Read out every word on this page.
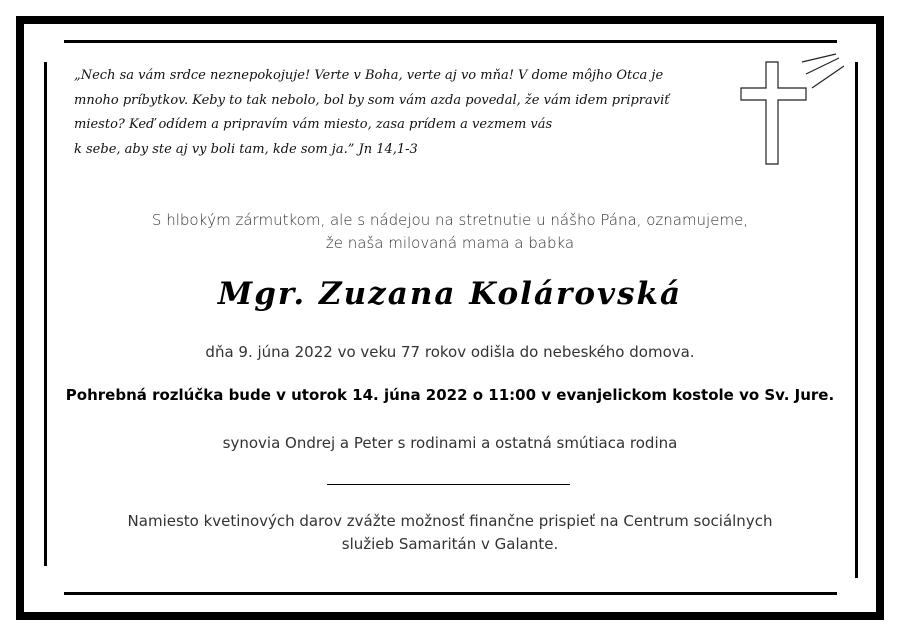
„Nech sa vám srdce neznepokojuje! Verte v Boha, verte aj vo mňa! V dome môjho Otca je
mnoho príbytkov. Keby to tak nebolo, bol by som vám azda povedal, že vám idem pripraviť
miesto? Keď odídem a pripravím vám miesto, zasa prídem a vezmem vás
k sebe, aby ste aj vy boli tam, kde som ja.” Jn 14,1-3

S hlbokým zármutkom, ale s nádejou na stretnutie u nášho Pána, oznamujeme,
že naša milovaná mama a babka

Mgr. Zuzana Kolárovská

dňa 9. júna 2022 vo veku 77 rokov odišla do nebeského domova.

Pohrebná rozlúčka bude v utorok 14. júna 2022 o 11:00 v evanjelickom kostole vo Sv. Jure.

synovia Ondrej a Peter s rodinami a ostatná smútiaca rodina

Namiesto kvetinových darov zvážte možnosť finančne prispieť na Centrum sociálnych
služieb Samaritán v Galante.
